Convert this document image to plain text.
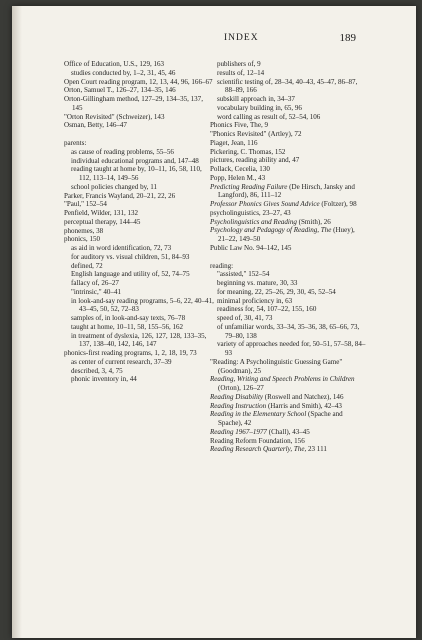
INDEX	189

Office of Education, U.S., 129, 163

studies conducted by, 1–2, 31, 45, 46

Open Court reading program, 12, 13, 44, 96, 166–67

Orton, Samuel T., 126–27, 134–35, 146

Orton-Gillingham method, 127–29, 134–35, 137, 145

"Orton Revisited" (Schweizer), 143

Osman, Betty, 146–47

parents:

as cause of reading problems, 55–56

individual educational programs and, 147–48

reading taught at home by, 10–11, 16, 58, 110, 112, 113–14, 149–56

school policies changed by, 11

Parker, Francis Wayland, 20–21, 22, 26

"Paul," 152–54

Penfield, Wilder, 131, 132

perceptual therapy, 144–45

phonemes, 38

phonics, 150

as aid in word identification, 72, 73

for auditory vs. visual children, 51, 84–93

defined, 72

English language and utility of, 52, 74–75

fallacy of, 26–27

"intrinsic," 40–41

in look-and-say reading programs, 5–6, 22, 40–41, 43–45, 50, 52, 72–83

samples of, in look-and-say texts, 76–78

taught at home, 10–11, 58, 155–56, 162

in treatment of dyslexia, 126, 127, 128, 133–35, 137, 138–40, 142, 146, 147

phonics-first reading programs, 1, 2, 18, 19, 73

as center of current research, 37–39

described, 3, 4, 75

phonic inventory in, 44

publishers of, 9

results of, 12–14

scientific testing of, 28–34, 40–43, 45–47, 86–87, 88–89, 166

subskill approach in, 34–37

vocabulary building in, 65, 96

word calling as result of, 52–54, 106

Phonics Five, The, 9

"Phonics Revisited" (Artley), 72

Piaget, Jean, 116

Pickering, C. Thomas, 152

pictures, reading ability and, 47

Pollack, Cecelia, 130

Popp, Helen M., 43

Predicting Reading Failure (De Hirsch, Jansky and Langford), 86, 111–12

Professor Phonics Gives Sound Advice (Foltzer), 98

psycholinguistics, 23–27, 43

Psycholinguistics and Reading (Smith), 26

Psychology and Pedagogy of Reading, The (Huey), 21–22, 149–50

Public Law No. 94–142, 145

reading:

"assisted," 152–54

beginning vs. mature, 30, 33

for meaning, 22, 25–26, 29, 30, 45, 52–54

minimal proficiency in, 63

readiness for, 54, 107–22, 155, 160

speed of, 30, 41, 73

of unfamiliar words, 33–34, 35–36, 38, 65–66, 73, 79–80, 138

variety of approaches needed for, 50–51, 57–58, 84–93

"Reading: A Psycholinguistic Guessing Game" (Goodman), 25

Reading, Writing and Speech Problems in Children (Orton), 126–27

Reading Disability (Roswell and Natchez), 146

Reading Instruction (Harris and Smith), 42–43

Reading in the Elementary School (Spache and Spache), 42

Reading 1967–1977 (Chall), 43–45

Reading Reform Foundation, 156

Reading Research Quarterly, The, 23 111
